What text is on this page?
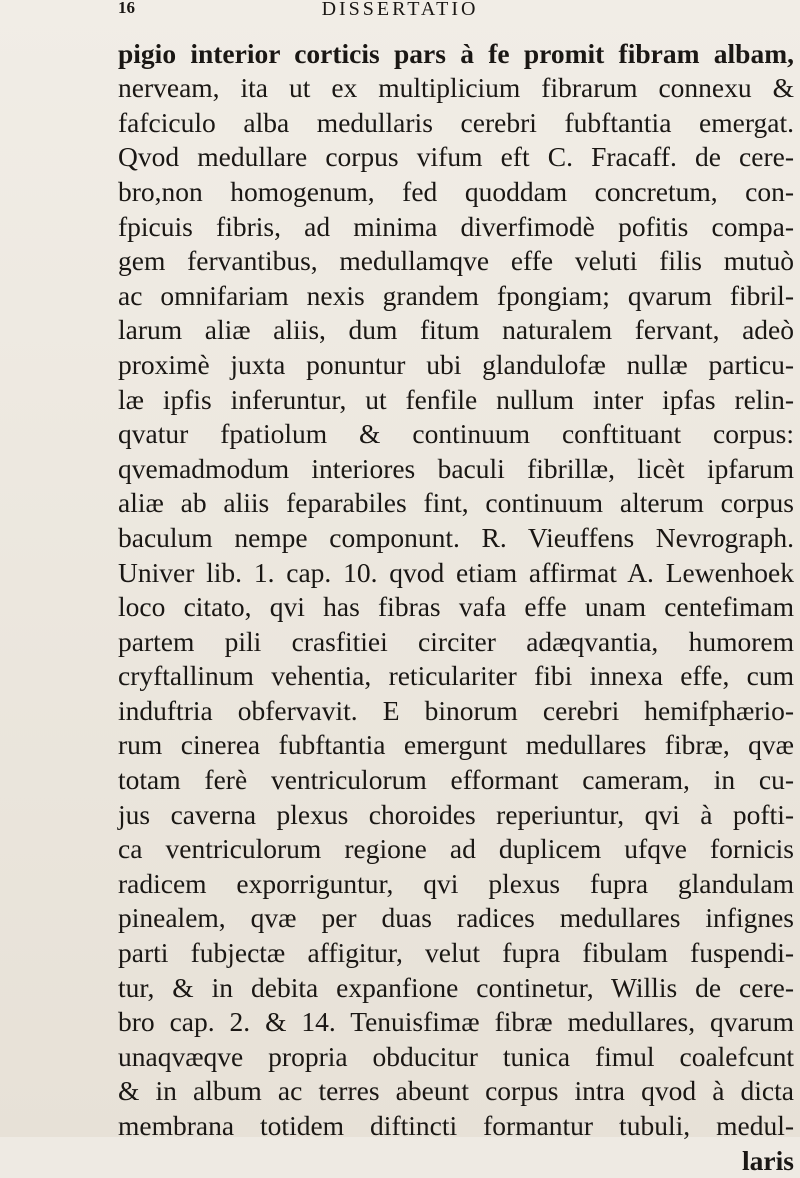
16	DISSERTATIO
pigio interior corticis pars à fe promit fibram albam,
nerveam, ita ut ex multiplicium fibrarum connexu &
fafciculo alba medullaris cerebri fubftantia emergat.
Qvod medullare corpus vifum eft C. Fracaff. de cere-
bro,non homogenum, fed quoddam concretum, con-
fpicuis fibris, ad minima diverfimodè pofitis compa-
gem fervantibus, medullamqve effe veluti filis mutuò
ac omnifariam nexis grandem fpongiam; qvarum fibril-
larum aliæ aliis, dum fitum naturalem fervant, adeò
proximè juxta ponuntur ubi glandulofæ nullæ particu-
læ ipfis inferuntur, ut fenfile nullum inter ipfas relin-
qvatur fpatiolum & continuum conftituant corpus:
qvemadmodum interiores baculi fibrillæ, licèt ipfarum
aliæ ab aliis feparabiles fint, continuum alterum corpus
baculum nempe componunt. R. Vieuffens Nevrograph.
Univer lib. 1. cap. 10. qvod etiam affirmat A. Lewenhoek
loco citato, qvi has fibras vafa effe unam centefimam
partem pili crasfitiei circiter adæqvantia, humorem
cryftallinum vehentia, reticulariter fibi innexa effe, cum
induftria obfervavit. E binorum cerebri hemifphærio-
rum cinerea fubftantia emergunt medullares fibræ, qvæ
totam ferè ventriculorum efformant cameram, in cu-
jus caverna plexus choroides reperiuntur, qvi à pofti-
ca ventriculorum regione ad duplicem ufqve fornicis
radicem exporriguntur, qvi plexus fupra glandulam
pinealem, qvæ per duas radices medullares infignes
parti fubjectæ affigitur, velut fupra fibulam fuspendi-
tur, & in debita expanfione continetur, Willis de cere-
bro cap. 2. & 14. Tenuisfimæ fibræ medullares, qvarum
unaqvæqve propria obducitur tunica fimul coalefcunt
& in album ac terres abeunt corpus intra qvod à dicta
membrana totidem diftincti formantur tubuli, medul-
laris
